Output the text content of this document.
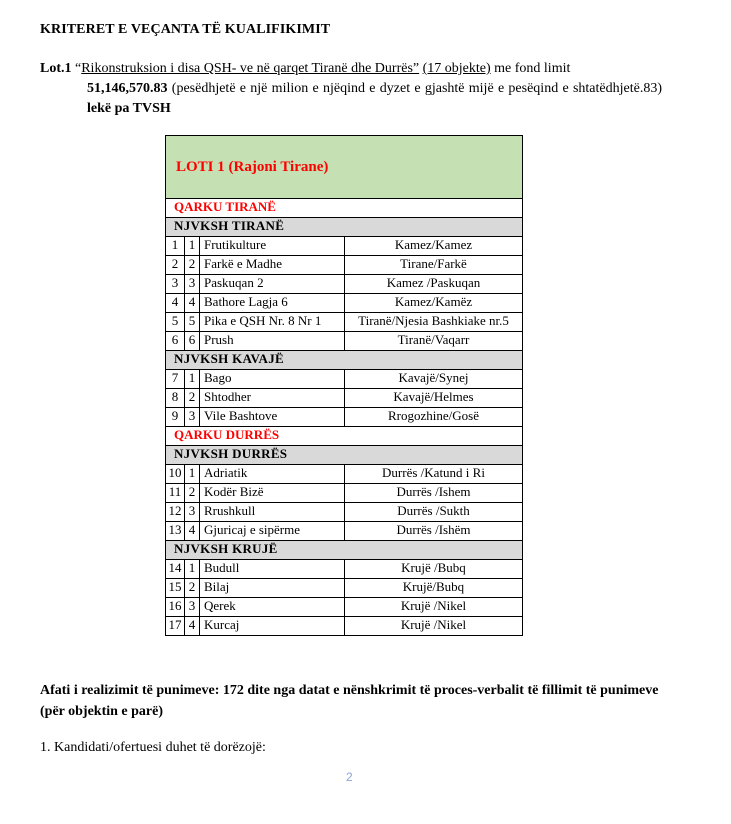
KRITERET E VEÇANTA TË KUALIFIKIMIT
Lot.1 “Rikonstruksion i disa QSH- ve në qarqet Tiranë dhe Durrës” (17 objekte) me fond limit
51,146,570.83 (pesëdhjetë e një milion e njëqind e dyzet e gjashtë mijë e pesëqind e shtatëdhjetë.83) lekë pa TVSH
LOTI 1 (Rajoni Tirane)			
QARKU TIRANË			
NJVKSH TIRANË			
1	1	Frutikulture	Kamez/Kamez
2	2	Farkë e Madhe	Tirane/Farkë
3	3	Paskuqan 2	Kamez /Paskuqan
4	4	Bathore Lagja 6	Kamez/Kamëz
5	5	Pika e QSH Nr. 8 Nr 1	Tiranë/Njesia Bashkiake nr.5
6	6	Prush	Tiranë/Vaqarr
NJVKSH KAVAJË			
7	1	Bago	Kavajë/Synej
8	2	Shtodher	Kavajë/Helmes
9	3	Vile Bashtove	Rrogozhine/Gosë
QARKU DURRËS			
NJVKSH DURRËS			
10	1	Adriatik	Durrës /Katund i Ri
11	2	Kodër Bizë	Durrës /Ishem
12	3	Rrushkull	Durrës /Sukth
13	4	Gjuricaj e sipërme	Durrës /Ishëm
NJVKSH KRUJË			
14	1	Budull	Krujë /Bubq
15	2	Bilaj	Krujë/Bubq
16	3	Qerek	Krujë /Nikel
17	4	Kurcaj	Krujë /Nikel
Afati i realizimit të punimeve: 172 dite nga datat e nënshkrimit të proces-verbalit të fillimit të punimeve (për objektin e parë)
1. Kandidati/ofertuesi duhet të dorëzojë:
2
